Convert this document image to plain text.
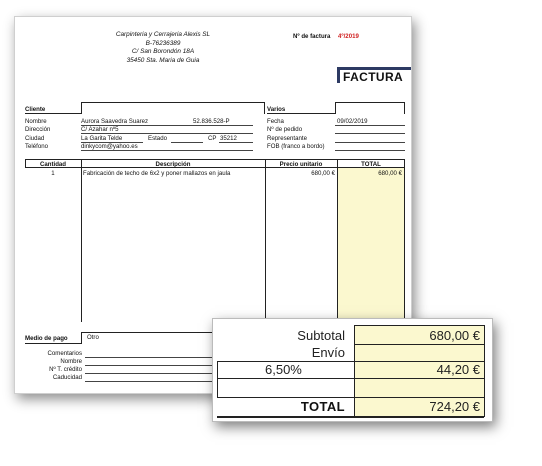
Carpinteria y Cerrajeria Alexis SL
B-76236389
C/ San Borondón 18A
35450 Sta. Maria de Guia
Nº de factura 4º/2019
FACTURA
Cliente
Nombre	Aurora Saavedra Suarez	52.836.528-P
Dirección	C/ Azahar nº5
Ciudad	La Garita Telde	Estado	CP 35212
Teléfono	dinkycom@yahoo.es
Varios
Fecha	09/02/2019
Nº de pedido
Representante
FOB (franco a bordo)
Cantidad	Descripción	Precio unitario	TOTAL
1	Fabricación de techo de 6x2 y poner mallazos en jaula	680,00 €	680,00 €
Medio de pago	Otro
Comentarios
Nombre
Nº T. crédito
Caducidad
Subtotal	680,00 €
Envío
6,50%	44,20 €
TOTAL	724,20 €
